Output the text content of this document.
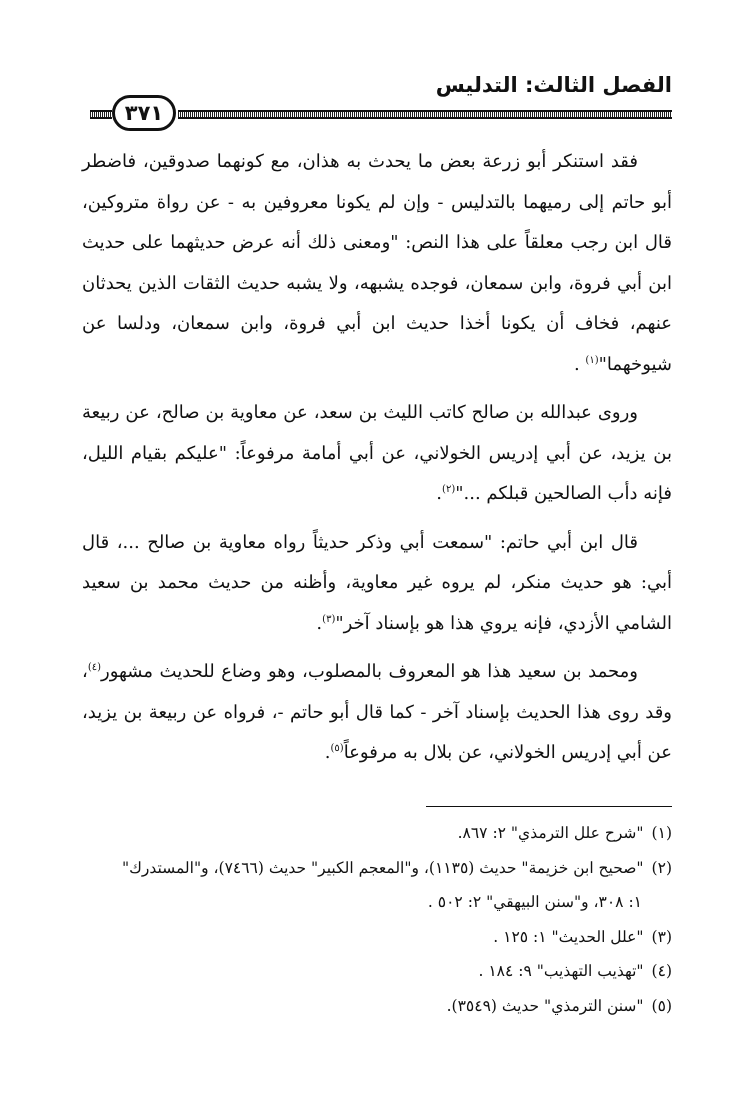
الفصل الثالث: التدليس
٣٧١

فقد استنكر أبو زرعة بعض ما يحدث به هذان، مع كونهما صدوقين، فاضطر أبو حاتم إلى رميهما بالتدليس - وإن لم يكونا معروفين به - عن رواة متروكين، قال ابن رجب معلقاً على هذا النص: "ومعنى ذلك أنه عرض حديثهما على حديث ابن أبي فروة، وابن سمعان، فوجده يشبهه، ولا يشبه حديث الثقات الذين يحدثان عنهم، فخاف أن يكونا أخذا حديث ابن أبي فروة، وابن سمعان، ودلسا عن شيوخهما"$^{(١)}$ .

وروى عبدالله بن صالح كاتب الليث بن سعد، عن معاوية بن صالح، عن ربيعة بن يزيد، عن أبي إدريس الخولاني، عن أبي أمامة مرفوعاً: "عليكم بقيام الليل، فإنه دأب الصالحين قبلكم ..."$^{(٢)}$.

قال ابن أبي حاتم: "سمعت أبي وذكر حديثاً رواه معاوية بن صالح ...، قال أبي: هو حديث منكر، لم يروه غير معاوية، وأظنه من حديث محمد بن سعيد الشامي الأزدي، فإنه يروي هذا هو بإسناد آخر"$^{(٣)}$.

ومحمد بن سعيد هذا هو المعروف بالمصلوب، وهو وضاع للحديث مشهور$^{(٤)}$، وقد روى هذا الحديث بإسناد آخر - كما قال أبو حاتم -، فرواه عن ربيعة بن يزيد، عن أبي إدريس الخولاني، عن بلال به مرفوعاً$^{(٥)}$.

(١)"شرح علل الترمذي" ٢: ٨٦٧.

(٢)"صحيح ابن خزيمة" حديث (١١٣٥)، و"المعجم الكبير" حديث (٧٤٦٦)، و"المستدرك"

١: ٣٠٨، و"سنن البيهقي" ٢: ٥٠٢ .

(٣)"علل الحديث" ١: ١٢٥ .

(٤)"تهذيب التهذيب" ٩: ١٨٤ .

(٥)"سنن الترمذي" حديث (٣٥٤٩).
